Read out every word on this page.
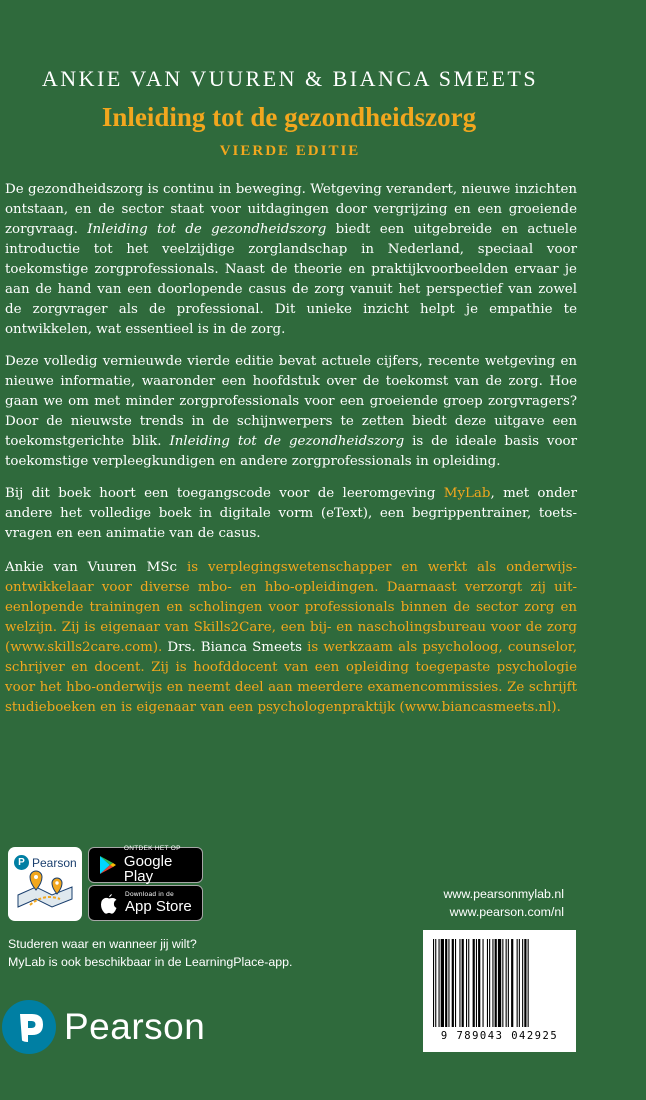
ANKIE VAN VUUREN & BIANCA SMEETS
Inleiding tot de gezondheidszorg
VIERDE EDITIE

De gezondheidszorg is continu in beweging. Wetgeving verandert, nieuwe inzichten ontstaan, en de sector staat voor uitdagingen door vergrijzing en een groeiende zorgvraag. Inleiding tot de gezondheidszorg biedt een uitgebreide en actuele introductie tot het veelzijdige zorglandschap in Nederland, speciaal voor toekomstige zorgprofessionals. Naast de theorie en praktijkvoorbeelden ervaar je aan de hand van een doorlopende casus de zorg vanuit het perspectief van zowel de zorgvrager als de professional. Dit unieke inzicht helpt je empathie te ontwikkelen, wat essentieel is in de zorg.

Deze volledig vernieuwde vierde editie bevat actuele cijfers, recente wetgeving en nieuwe informatie, waaronder een hoofdstuk over de toekomst van de zorg. Hoe gaan we om met minder zorgprofessionals voor een groeiende groep zorgvragers? Door de nieuwste trends in de schijnwerpers te zetten biedt deze uitgave een toekomstgerichte blik. Inleiding tot de gezondheidszorg is de ideale basis voor toekomstige verpleegkundigen en andere zorgprofessionals in opleiding.

Bij dit boek hoort een toegangscode voor de leeromgeving MyLab, met onder andere het volledige boek in digitale vorm (eText), een begrippentrainer, toetsvragen en een animatie van de casus.

Ankie van Vuuren MSc is verplegingswetenschapper en werkt als onderwijsontwikkelaar voor diverse mbo- en hbo-opleidingen. Daarnaast verzorgt zij uiteenlopende trainingen en scholingen voor professionals binnen de sector zorg en welzijn. Zij is eigenaar van Skills2Care, een bij- en nascholingsbureau voor de zorg (www.skills2care.com). Drs. Bianca Smeets is werkzaam als psycholoog, counselor, schrijver en docent. Zij is hoofddocent van een opleiding toegepaste psychologie voor het hbo-onderwijs en neemt deel aan meerdere examencommissies. Ze schrijft studieboeken en is eigenaar van een psychologenpraktijk (www.biancasmeets.nl).

P Pearson
ONTDEK HET OP
Google Play
Download in de
App Store
Studeren waar en wanneer jij wilt?
MyLab is ook beschikbaar in de LearningPlace-app.
Pearson
www.pearsonmylab.nl
www.pearson.com/nl
9 789043 042925
